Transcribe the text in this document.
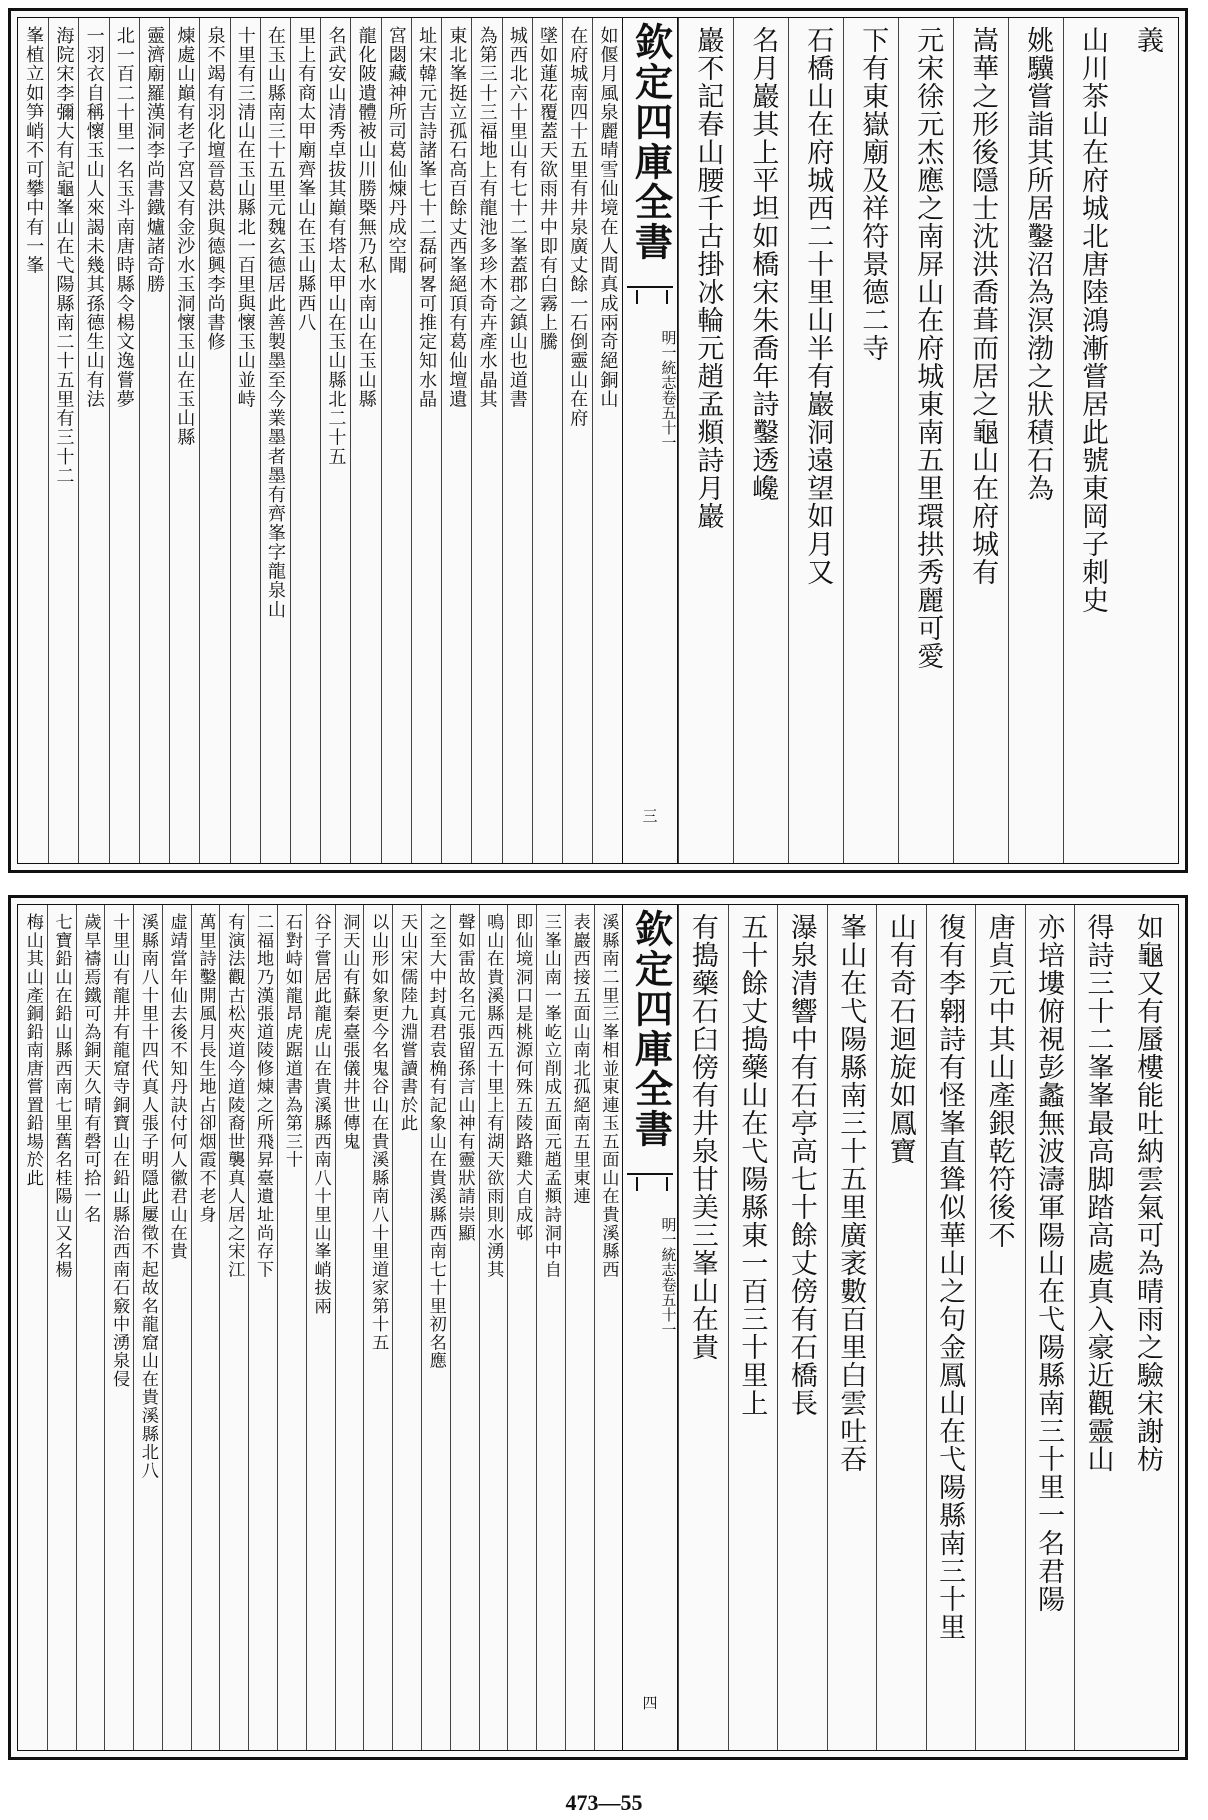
義
山川茶山在府城北唐陸鴻漸嘗居此號東岡子刺史
姚驥嘗詣其所居鑿沼為溟渤之狀積石為
嵩華之形後隱士沈洪喬葺而居之龜山在府城有
元宋徐元杰應之南屏山在府城東南五里環拱秀麗可愛
下有東嶽廟及祥符景德二寺
石橋山在府城西二十里山半有巖洞遠望如月又
名月巖其上平坦如橋宋朱喬年詩鑿透巉
巖不記春山腰千古掛冰輪元趙孟頫詩月巖
欽定四庫全書
明一統志卷五十一
三
如偃月風泉麗晴雪仙境在人間真成兩奇絕銅山
在府城南四十五里有井泉廣丈餘一石倒靈山在府
墜如蓮花覆蓋天欲雨井中即有白霧上騰
城西北六十里山有七十二峯蓋郡之鎮山也道書
為第三十三福地上有龍池多珍木奇卉產水晶其
東北峯挺立孤石高百餘丈西峯絕頂有葛仙壇遺
址宋韓元吉詩諸峯七十二磊砢畧可推定知水晶
宮閟藏神所司葛仙煉丹成空聞
龍化陂遺體被山川勝槩無乃私水南山在玉山縣
名武安山清秀卓拔其巔有塔太甲山在玉山縣北二十五
里上有商太甲廟齊峯山在玉山縣西八
在玉山縣南三十五里元魏玄德居此善製墨至今業墨者墨有齊峯字龍泉山
十里有三清山在玉山縣北一百里與懷玉山並峙
泉不竭有羽化壇晉葛洪與德興李尚書修
煉處山巔有老子宮又有金沙水玉洞懷玉山在玉山縣
靈濟廟羅漢洞李尚書鐵爐諸奇勝
北一百二十里一名玉斗南唐時縣令楊文逸嘗夢
一羽衣自稱懷玉山人來謁未幾其孫德生山有法
海院宋李彌大有記龜峯山在弋陽縣南二十五里有三十二
峯植立如笋峭不可攀中有一峯
如龜又有蜃樓能吐納雲氣可為晴雨之驗宋謝枋
得詩三十二峯峯最高脚踏高處真入豪近觀靈山
亦培塿俯視彭蠡無波濤軍陽山在弋陽縣南三十里一名君陽
唐貞元中其山產銀乾符後不
復有李翱詩有怪峯直聳似華山之句金鳳山在弋陽縣南三十里
山有奇石迴旋如鳳寶
峯山在弋陽縣南三十五里廣袤數百里白雲吐吞
瀑泉清響中有石亭高七十餘丈傍有石橋長
五十餘丈搗藥山在弋陽縣東一百三十里上
有搗藥石臼傍有井泉甘美三峯山在貴
欽定四庫全書
明一統志卷五十一
四
溪縣南二里三峯相並東連玉五面山在貴溪縣西
表巖西接五面山南北孤絕南五里東連
三峯山南一峯屹立削成五面元趙孟頫詩洞中自
即仙境洞口是桃源何殊五陵路雞犬自成邨
鳴山在貴溪縣西五十里上有湖天欲雨則水湧其
聲如雷故名元張留孫言山神有靈狀請崇顯
之至大中封真君袁桷有記象山在貴溪縣西南七十里初名應
天山宋儒陸九淵嘗讀書於此
以山形如象更今名鬼谷山在貴溪縣南八十里道家第十五
洞天山有蘇秦臺張儀井世傳鬼
谷子嘗居此龍虎山在貴溪縣西南八十里山峯峭拔兩
石對峙如龍昂虎踞道書為第三十
二福地乃漢張道陵修煉之所飛昇臺遺址尚存下
有演法觀古松夾道今道陵裔世襲真人居之宋江
萬里詩鑿開風月長生地占卻烟霞不老身
虛靖當年仙去後不知丹訣付何人徽君山在貴
溪縣南八十里十四代真人張子明隱此屢徵不起故名龍窟山在貴溪縣北八
十里山有龍井有龍窟寺銅寶山在鉛山縣治西南石竅中湧泉侵
歲旱禱焉鐵可為銅天久晴有磬可拾一名
七寶鉛山在鉛山縣西南七里舊名桂陽山又名楊
梅山其山產銅鉛南唐嘗置鉛場於此
473—55
